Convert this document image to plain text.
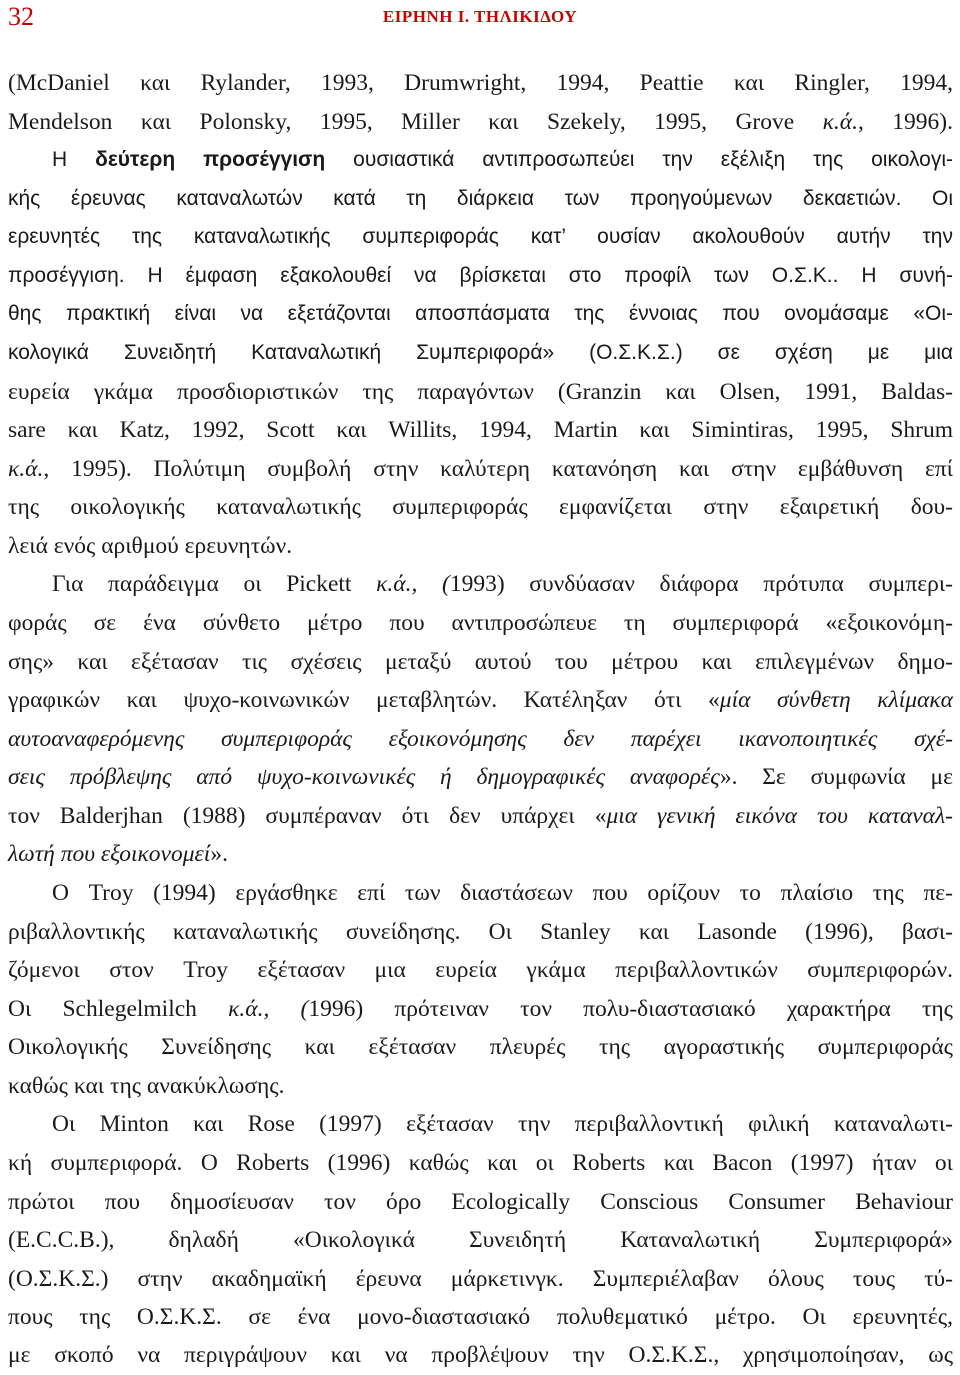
32	ΕΙΡΗΝΗ Ι. ΤΗΛΙΚΙΔΟΥ
(McDaniel και Rylander, 1993, Drumwright, 1994, Peattie και Ringler, 1994,
Mendelson και Polonsky, 1995, Miller και Szekely, 1995, Grove κ.ά., 1996).
Η δεύτερη προσέγγιση ουσιαστικά αντιπροσωπεύει την εξέλιξη της οικολογι-
κής έρευνας καταναλωτών κατά τη διάρκεια των προηγούμενων δεκαετιών. Οι
ερευνητές της καταναλωτικής συμπεριφοράς κατ’ ουσίαν ακολουθούν αυτήν την
προσέγγιση. Η έμφαση εξακολουθεί να βρίσκεται στο προφίλ των Ο.Σ.Κ.. Η συνή-
θης πρακτική είναι να εξετάζονται αποσπάσματα της έννοιας που ονομάσαμε «Οι-
κολογικά Συνειδητή Καταναλωτική Συμπεριφορά» (Ο.Σ.Κ.Σ.) σε σχέση με μια
ευρεία γκάμα προσδιοριστικών της παραγόντων (Granzin και Olsen, 1991, Baldas-
sare και Katz, 1992, Scott και Willits, 1994, Martin και Simintiras, 1995, Shrum
κ.ά., 1995). Πολύτιμη συμβολή στην καλύτερη κατανόηση και στην εμβάθυνση επί
της οικολογικής καταναλωτικής συμπεριφοράς εμφανίζεται στην εξαιρετική δου-
λειά ενός αριθμού ερευνητών.
Για παράδειγμα οι Pickett κ.ά., (1993) συνδύασαν διάφορα πρότυπα συμπερι-
φοράς σε ένα σύνθετο μέτρο που αντιπροσώπευε τη συμπεριφορά «εξοικονόμη-
σης» και εξέτασαν τις σχέσεις μεταξύ αυτού του μέτρου και επιλεγμένων δημο-
γραφικών και ψυχο-κοινωνικών μεταβλητών. Κατέληξαν ότι «μία σύνθετη κλίμακα
αυτοαναφερόμενης συμπεριφοράς εξοικονόμησης δεν παρέχει ικανοποιητικές σχέ-
σεις πρόβλεψης από ψυχο-κοινωνικές ή δημογραφικές αναφορές». Σε συμφωνία με
τον Balderjhan (1988) συμπέραναν ότι δεν υπάρχει «μια γενική εικόνα του καταναλ-
λωτή που εξοικονομεί».
Ο Troy (1994) εργάσθηκε επί των διαστάσεων που ορίζουν το πλαίσιο της πε-
ριβαλλοντικής καταναλωτικής συνείδησης. Οι Stanley και Lasonde (1996), βασι-
ζόμενοι στον Troy εξέτασαν μια ευρεία γκάμα περιβαλλοντικών συμπεριφορών.
Οι Schlegelmilch κ.ά., (1996) πρότειναν τον πολυ-διαστασιακό χαρακτήρα της
Οικολογικής Συνείδησης και εξέτασαν πλευρές της αγοραστικής συμπεριφοράς
καθώς και της ανακύκλωσης.
Οι Minton και Rose (1997) εξέτασαν την περιβαλλοντική φιλική καταναλωτι-
κή συμπεριφορά. Ο Roberts (1996) καθώς και οι Roberts και Bacon (1997) ήταν οι
πρώτοι που δημοσίευσαν τον όρο Ecologically Conscious Consumer Behaviour
(E.C.C.B.), δηλαδή «Οικολογικά Συνειδητή Καταναλωτική Συμπεριφορά»
(Ο.Σ.Κ.Σ.) στην ακαδημαϊκή έρευνα μάρκετινγκ. Συμπεριέλαβαν όλους τους τύ-
πους της Ο.Σ.Κ.Σ. σε ένα μονο-διαστασιακό πολυθεματικό μέτρο. Οι ερευνητές,
με σκοπό να περιγράψουν και να προβλέψουν την Ο.Σ.Κ.Σ., χρησιμοποίησαν, ως
